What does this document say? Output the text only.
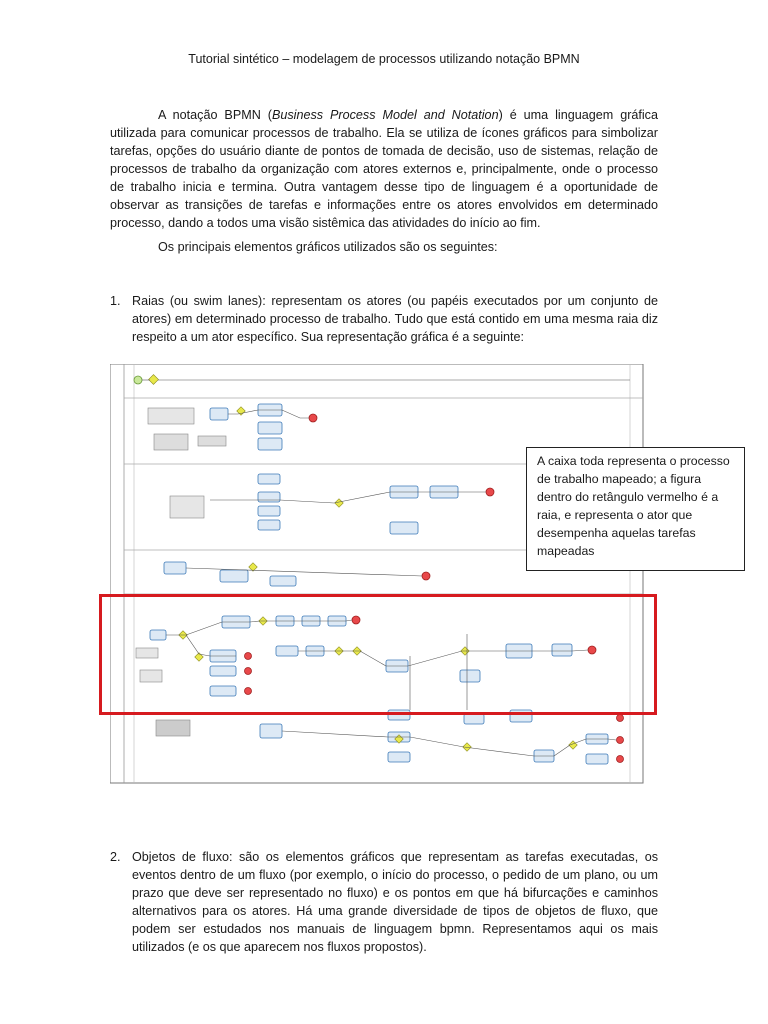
Tutorial sintético – modelagem de processos utilizando notação BPMN
A notação BPMN (Business Process Model and Notation) é uma linguagem gráfica utilizada para comunicar processos de trabalho. Ela se utiliza de ícones gráficos para simbolizar tarefas, opções do usuário diante de pontos de tomada de decisão, uso de sistemas, relação de processos de trabalho da organização com atores externos e, principalmente, onde o processo de trabalho inicia e termina. Outra vantagem desse tipo de linguagem é a oportunidade de observar as transições de tarefas e informações entre os atores envolvidos em determinado processo, dando a todos uma visão sistêmica das atividades do início ao fim.
Os principais elementos gráficos utilizados são os seguintes:
1. Raias (ou swim lanes): representam os atores (ou papéis executados por um conjunto de atores) em determinado processo de trabalho. Tudo que está contido em uma mesma raia diz respeito a um ator específico. Sua representação gráfica é a seguinte:
A caixa toda representa o processo de trabalho mapeado; a figura dentro do retângulo vermelho é a raia, e representa o ator que desempenha aquelas tarefas mapeadas
2. Objetos de fluxo: são os elementos gráficos que representam as tarefas executadas, os eventos dentro de um fluxo (por exemplo, o início do processo, o pedido de um plano, ou um prazo que deve ser representado no fluxo) e os pontos em que há bifurcações e caminhos alternativos para os atores. Há uma grande diversidade de tipos de objetos de fluxo, que podem ser estudados nos manuais de linguagem bpmn. Representamos aqui os mais utilizados (e os que aparecem nos fluxos propostos).
